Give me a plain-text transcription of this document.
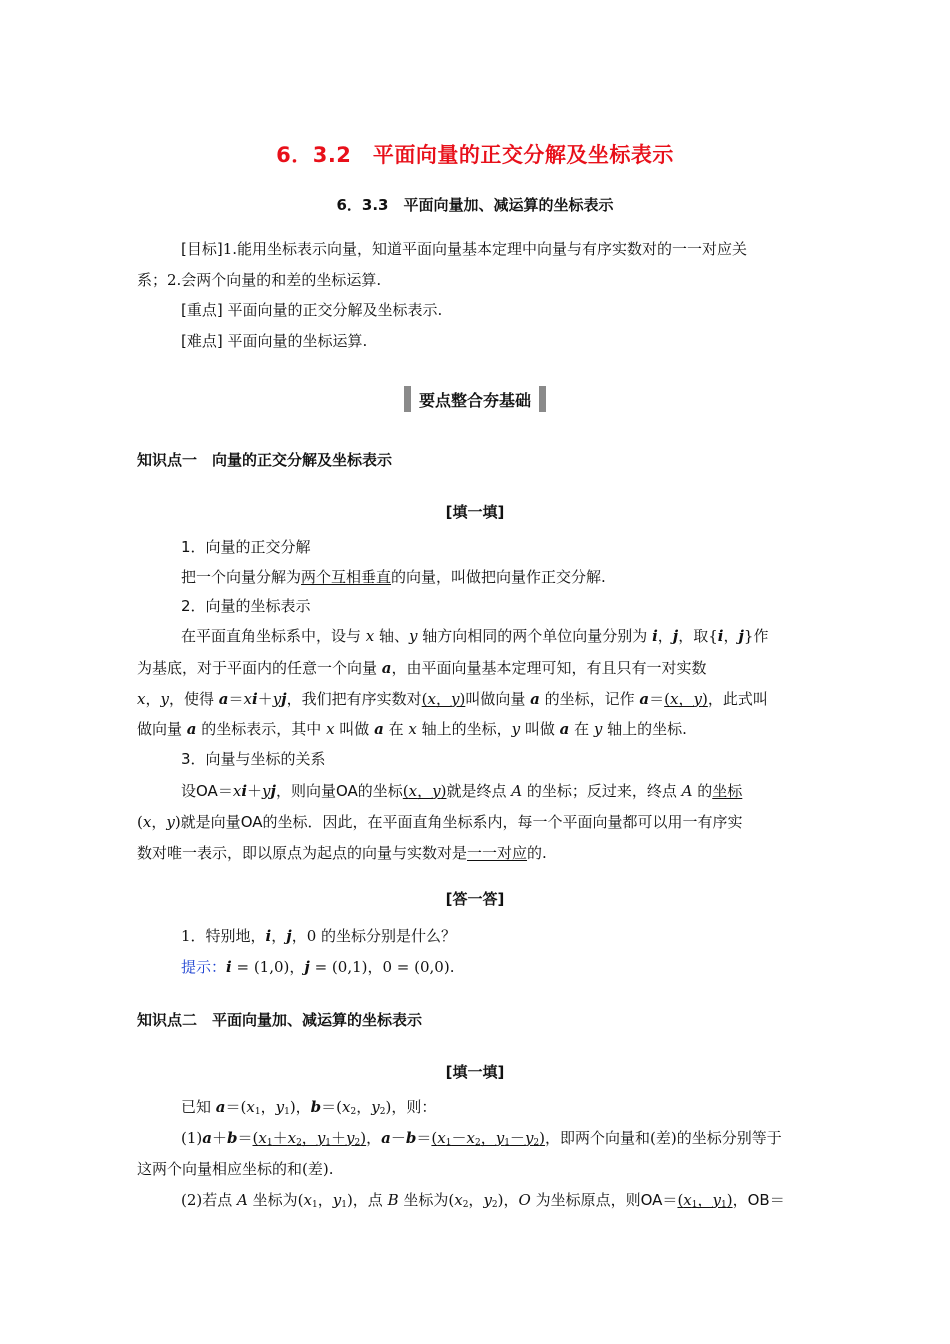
6．3.2　平面向量的正交分解及坐标表示
6．3.3　平面向量加、减运算的坐标表示
[目标]1.能用坐标表示向量，知道平面向量基本定理中向量与有序实数对的一一对应关
系；2.会两个向量的和差的坐标运算.
[重点] 平面向量的正交分解及坐标表示.
[难点] 平面向量的坐标运算.
要点整合夯基础
知识点一　向量的正交分解及坐标表示
[填一填]
1．向量的正交分解
把一个向量分解为两个互相垂直的向量，叫做把向量作正交分解.
2．向量的坐标表示
在平面直角坐标系中，设与 x 轴、y 轴方向相同的两个单位向量分别为 i，j，取{i，j}作
为基底，对于平面内的任意一个向量 a，由平面向量基本定理可知，有且只有一对实数
x，y，使得 a＝xi＋yj，我们把有序实数对(x，y)叫做向量 a 的坐标，记作 a＝(x，y)，此式叫
做向量 a 的坐标表示，其中 x 叫做 a 在 x 轴上的坐标，y 叫做 a 在 y 轴上的坐标.
3．向量与坐标的关系
设OA＝xi＋yj，则向量OA的坐标(x，y)就是终点 A 的坐标；反过来，终点 A 的坐标
(x，y)就是向量OA的坐标．因此，在平面直角坐标系内，每一个平面向量都可以用一有序实
数对唯一表示，即以原点为起点的向量与实数对是一一对应的.
[答一答]
1．特别地，i，j，0 的坐标分别是什么？
提示：i = (1,0)，j = (0,1)，0 = (0,0).
知识点二　平面向量加、减运算的坐标表示
[填一填]
已知 $a=(x_1$，$y_1$)，$b=(x_2$，$y_2$)，则：
$(1)a+b=(x_1+x_2$，$y_1+y_2$)，$a-b=(x_1-x_2$，$y_1-y_2$)，即两个向量和(差)的坐标分别等于
这两个向量相应坐标的和(差).
(2)若点 A 坐标为($x_1$，$y_1$)，点 B 坐标为($x_2$，$y_2$)，O 为坐标原点，则$OA=(x_1$，$y_1$)，OB＝
